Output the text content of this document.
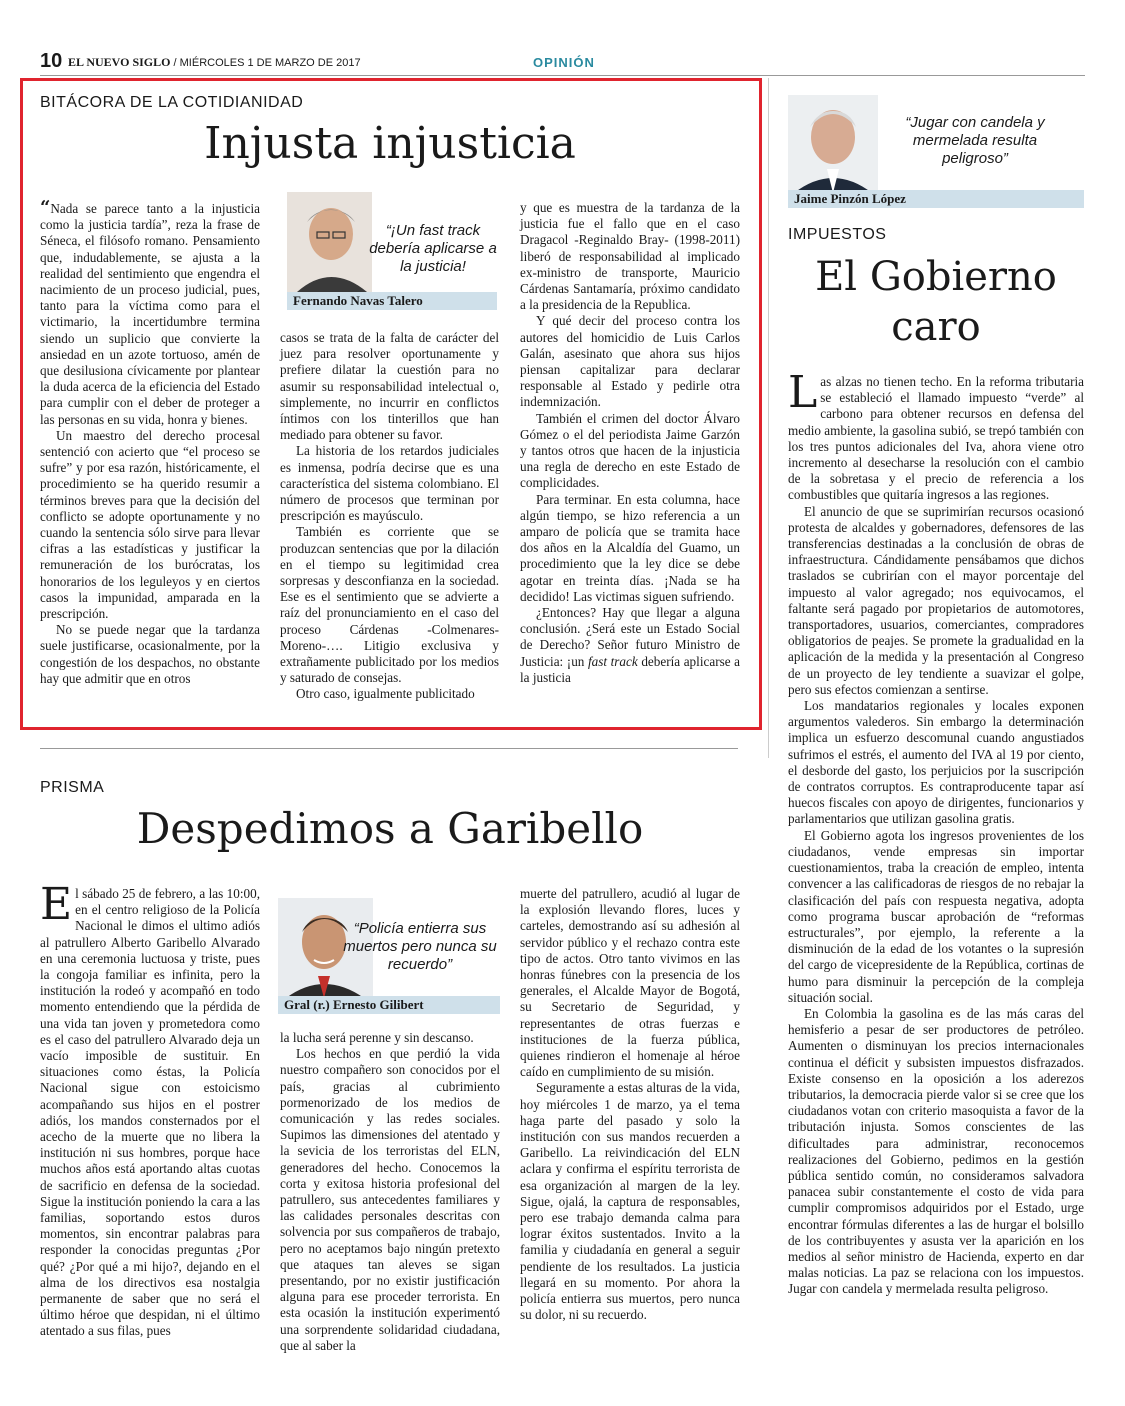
10 EL NUEVO SIGLO / MIÉRCOLES 1 DE MARZO DE 2017	OPINIÓN
BITÁCORA DE LA COTIDIANIDAD
Injusta injusticia

“Nada se parece tanto a la injusticia como la justicia tardía”, reza la frase de Séneca, el filósofo romano. Pensamiento que, indudablemente, se ajusta a la realidad del sentimiento que engendra el nacimiento de un proceso judicial, pues, tanto para la víctima como para el victimario, la incertidumbre termina siendo un suplicio que convierte la ansiedad en un azote tortuoso, amén de que desilusiona cívicamente por plantear la duda acerca de la eficiencia del Estado para cumplir con el deber de proteger a las personas en su vida, honra y bienes.

Un maestro del derecho procesal sentenció con acierto que “el proceso se sufre” y por esa razón, históricamente, el procedimiento se ha querido resumir a términos breves para que la decisión del conflicto se adopte oportunamente y no cuando la sentencia sólo sirve para llevar cifras a las estadísticas y justificar la remuneración de los burócratas, los honorarios de los leguleyos y en ciertos casos la impunidad, amparada en la prescripción.

No se puede negar que la tardanza suele justificarse, ocasionalmente, por la congestión de los despachos, no obstante hay que admitir que en otros

“¡Un fast track debería aplicarse a la justicia!
Fernando Navas Talero

casos se trata de la falta de carácter del juez para resolver oportunamente y prefiere dilatar la cuestión para no asumir su responsabilidad intelectual o, simplemente, no incurrir en conflictos íntimos con los tinterillos que han mediado para obtener su favor.

La historia de los retardos judiciales es inmensa, podría decirse que es una característica del sistema colombiano. El número de procesos que terminan por prescripción es mayúsculo.

También es corriente que se produzcan sentencias que por la dilación en el tiempo su legitimidad crea sorpresas y desconfianza en la sociedad. Ese es el sentimiento que se advierte a raíz del pronunciamiento en el caso del proceso Cárdenas -Colmenares-Moreno-…. Litigio exclusiva y extrañamente publicitado por los medios y saturado de consejas.

Otro caso, igualmente publicitado

y que es muestra de la tardanza de la justicia fue el fallo que en el caso Dragacol -Reginaldo Bray- (1998-2011) liberó de responsabilidad al implicado ex-ministro de transporte, Mauricio Cárdenas Santamaría, próximo candidato a la presidencia de la Republica.

Y qué decir del proceso contra los autores del homicidio de Luis Carlos Galán, asesinato que ahora sus hijos piensan capitalizar para declarar responsable al Estado y pedirle otra indemnización.

También el crimen del doctor Álvaro Gómez o el del periodista Jaime Garzón y tantos otros que hacen de la injusticia una regla de derecho en este Estado de complicidades.

Para terminar. En esta columna, hace algún tiempo, se hizo referencia a un amparo de policía que se tramita hace dos años en la Alcaldía del Guamo, un procedimiento que la ley dice se debe agotar en treinta días. ¡Nada se ha decidido! Las victimas siguen sufriendo.

¿Entonces? Hay que llegar a alguna conclusión. ¿Será este un Estado Social de Derecho? Señor futuro Ministro de Justicia: ¡un fast track debería aplicarse a la justicia

PRISMA
Despedimos a Garibello

El sábado 25 de febrero, a las 10:00, en el centro religioso de la Policía Nacional le dimos el ultimo adiós al patrullero Alberto Garibello Alvarado en una ceremonia luctuosa y triste, pues la congoja familiar es infinita, pero la institución la rodeó y acompañó en todo momento entendiendo que la pérdida de una vida tan joven y prometedora como es el caso del patrullero Alvarado deja un vacío imposible de sustituir. En situaciones como éstas, la Policía Nacional sigue con estoicismo acompañando sus hijos en el postrer adiós, los mandos consternados por el acecho de la muerte que no libera la institución ni sus hombres, porque hace muchos años está aportando altas cuotas de sacrificio en defensa de la sociedad. Sigue la institución poniendo la cara a las familias, soportando estos duros momentos, sin encontrar palabras para responder la conocidas preguntas ¿Por qué? ¿Por qué a mi hijo?, dejando en el alma de los directivos esa nostalgia permanente de saber que no será el último héroe que despidan, ni el último atentado a sus filas, pues

“Policía entierra sus muertos pero nunca su recuerdo”
Gral (r.) Ernesto Gilibert

la lucha será perenne y sin descanso.

Los hechos en que perdió la vida nuestro compañero son conocidos por el país, gracias al cubrimiento pormenorizado de los medios de comunicación y las redes sociales. Supimos las dimensiones del atentado y la sevicia de los terroristas del ELN, generadores del hecho. Conocemos la corta y exitosa historia profesional del patrullero, sus antecedentes familiares y las calidades personales descritas con solvencia por sus compañeros de trabajo, pero no aceptamos bajo ningún pretexto que ataques tan aleves se sigan presentando, por no existir justificación alguna para ese proceder terrorista. En esta ocasión la institución experimentó una sorprendente solidaridad ciudadana, que al saber la

muerte del patrullero, acudió al lugar de la explosión llevando flores, luces y carteles, demostrando así su adhesión al servidor público y el rechazo contra este tipo de actos. Otro tanto vivimos en las honras fúnebres con la presencia de los generales, el Alcalde Mayor de Bogotá, su Secretario de Seguridad, y representantes de otras fuerzas e instituciones de la fuerza pública, quienes rindieron el homenaje al héroe caído en cumplimiento de su misión.

Seguramente a estas alturas de la vida, hoy miércoles 1 de marzo, ya el tema haga parte del pasado y solo la institución con sus mandos recuerden a Garibello. La reivindicación del ELN aclara y confirma el espíritu terrorista de esa organización al margen de la ley. Sigue, ojalá, la captura de responsables, pero ese trabajo demanda calma para lograr éxitos sustentados. Invito a la familia y ciudadanía en general a seguir pendiente de los resultados. La justicia llegará en su momento. Por ahora la policía entierra sus muertos, pero nunca su dolor, ni su recuerdo.

“Jugar con candela y mermelada resulta peligroso”
Jaime Pinzón López
IMPUESTOS
El Gobierno
caro

Las alzas no tienen techo. En la reforma tributaria se estableció el llamado impuesto “verde” al carbono para obtener recursos en defensa del medio ambiente, la gasolina subió, se trepó también con los tres puntos adicionales del Iva, ahora viene otro incremento al desecharse la resolución con el cambio de la sobretasa y el precio de referencia a los combustibles que quitaría ingresos a las regiones.

El anuncio de que se suprimirían recursos ocasionó protesta de alcaldes y gobernadores, defensores de las transferencias destinadas a la conclusión de obras de infraestructura. Cándidamente pensábamos que dichos traslados se cubrirían con el mayor porcentaje del impuesto al valor agregado; nos equivocamos, el faltante será pagado por propietarios de automotores, transportadores, usuarios, comerciantes, compradores obligatorios de peajes. Se promete la gradualidad en la aplicación de la medida y la presentación al Congreso de un proyecto de ley tendiente a suavizar el golpe, pero sus efectos comienzan a sentirse.

Los mandatarios regionales y locales exponen argumentos valederos. Sin embargo la determinación implica un esfuerzo descomunal cuando angustiados sufrimos el estrés, el aumento del IVA al 19 por ciento, el desborde del gasto, los perjuicios por la suscripción de contratos corruptos. Es contraproducente tapar así huecos fiscales con apoyo de dirigentes, funcionarios y parlamentarios que utilizan gasolina gratis.

El Gobierno agota los ingresos provenientes de los ciudadanos, vende empresas sin importar cuestionamientos, traba la creación de empleo, intenta convencer a las calificadoras de riesgos de no rebajar la clasificación del país con respuesta negativa, adopta como programa buscar aprobación de “reformas estructurales”, por ejemplo, la referente a la disminución de la edad de los votantes o la supresión del cargo de vicepresidente de la República, cortinas de humo para disminuir la percepción de la compleja situación social.

En Colombia la gasolina es de las más caras del hemisferio a pesar de ser productores de petróleo. Aumenten o disminuyan los precios internacionales continua el déficit y subsisten impuestos disfrazados. Existe consenso en la oposición a los aderezos tributarios, la democracia pierde valor si se cree que los ciudadanos votan con criterio masoquista a favor de la tributación injusta. Somos conscientes de las dificultades para administrar, reconocemos realizaciones del Gobierno, pedimos en la gestión pública sentido común, no consideramos salvadora panacea subir constantemente el costo de vida para cumplir compromisos adquiridos por el Estado, urge encontrar fórmulas diferentes a las de hurgar el bolsillo de los contribuyentes y asusta ver la aparición en los medios al señor ministro de Hacienda, experto en dar malas noticias. La paz se relaciona con los impuestos. Jugar con candela y mermelada resulta peligroso.
